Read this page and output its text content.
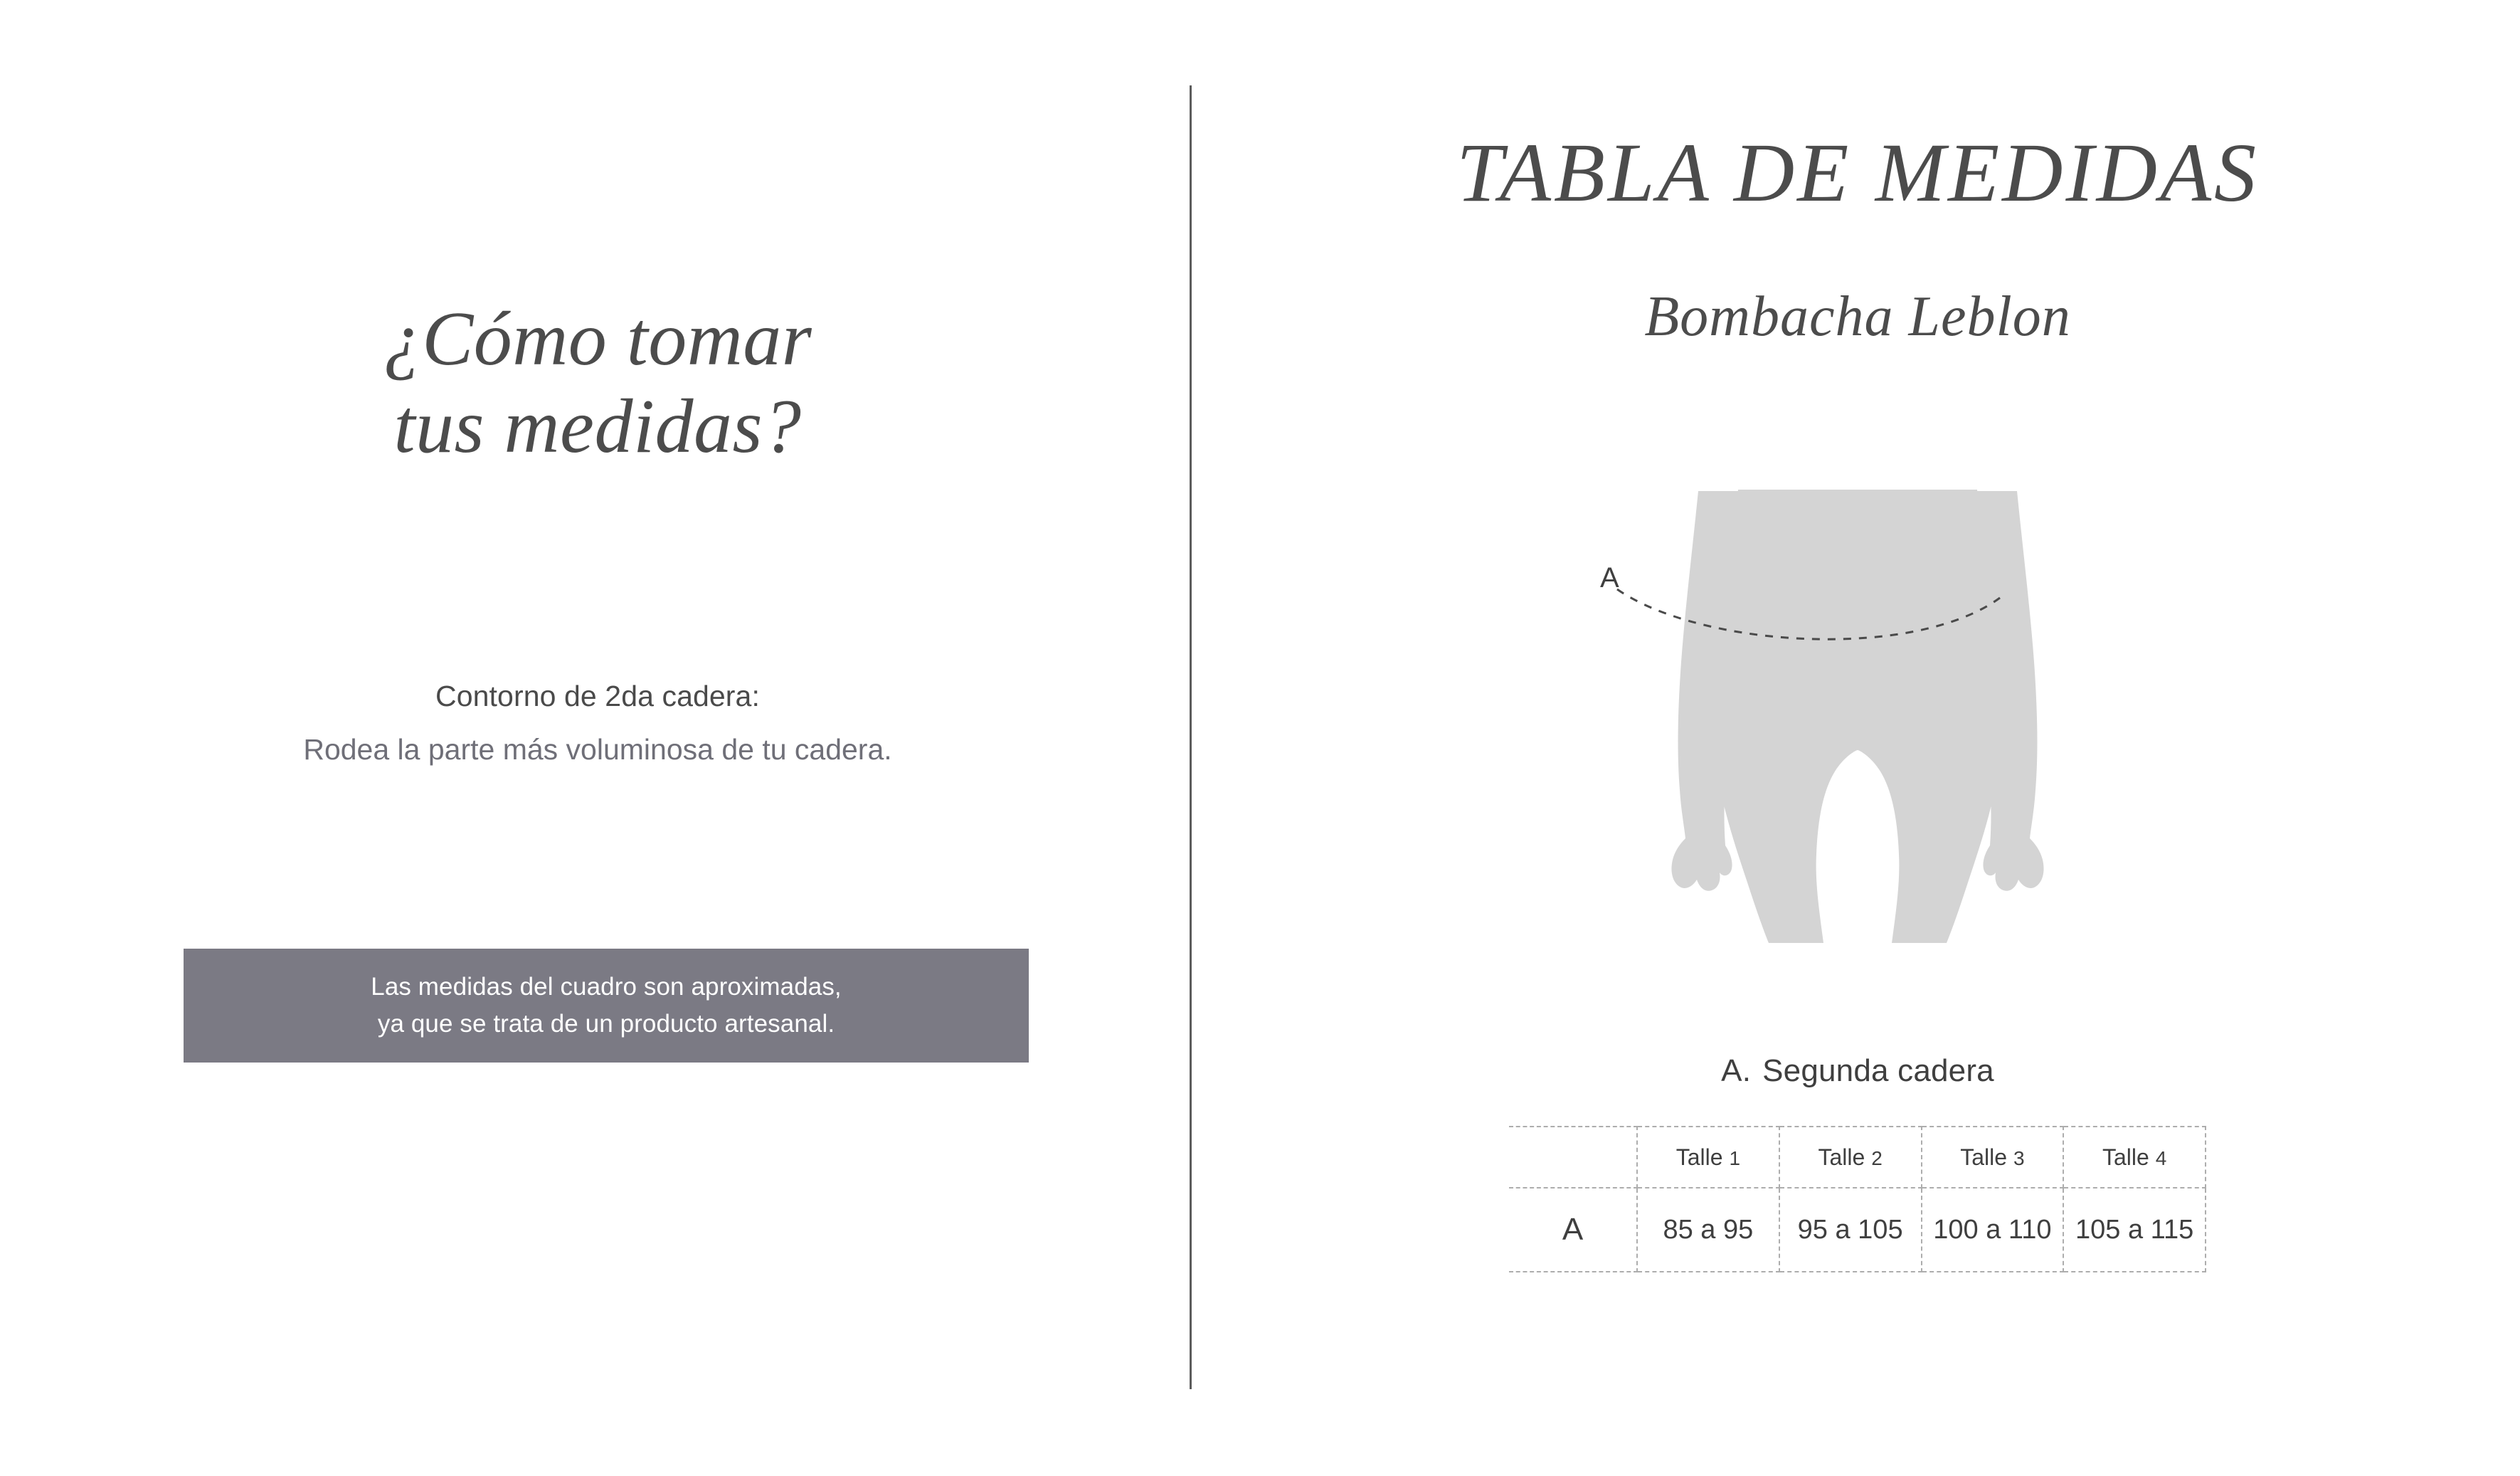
¿Cómo tomar
tus medidas?
Contorno de 2da cadera:
Rodea la parte más voluminosa de tu cadera.
Las medidas del cuadro son aproximadas,
ya que se trata de un producto artesanal.
TABLA DE MEDIDAS
Bombacha Leblon
A
A. Segunda cadera
	Talle 1	Talle 2	Talle 3	Talle 4
A	85 a 95	95 a 105	100 a 110	105 a 115
